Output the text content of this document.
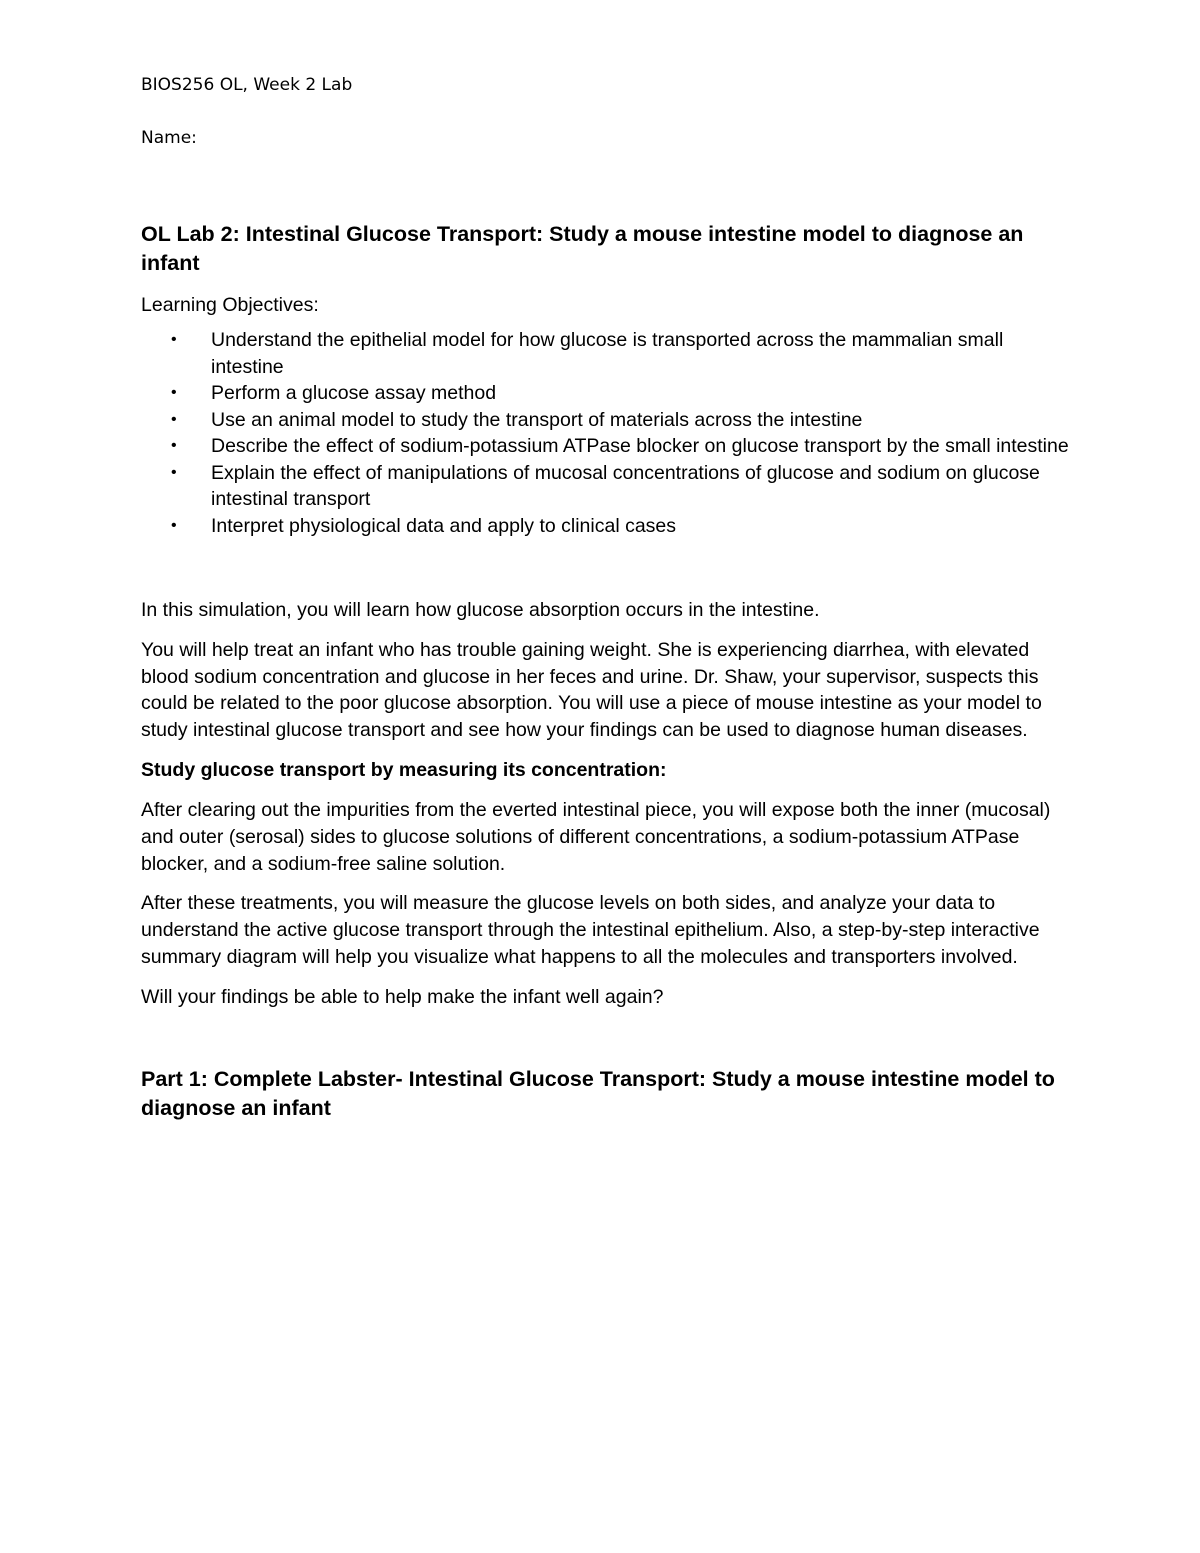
BIOS256 OL, Week 2 Lab
Name:
OL Lab 2: Intestinal Glucose Transport: Study a mouse intestine model to diagnose an infant
Learning Objectives:
• Understand the epithelial model for how glucose is transported across the mammalian small intestine
• Perform a glucose assay method
• Use an animal model to study the transport of materials across the intestine
• Describe the effect of sodium-potassium ATPase blocker on glucose transport by the small intestine
• Explain the effect of manipulations of mucosal concentrations of glucose and sodium on glucose intestinal transport
• Interpret physiological data and apply to clinical cases

In this simulation, you will learn how glucose absorption occurs in the intestine.

You will help treat an infant who has trouble gaining weight. She is experiencing diarrhea, with elevated blood sodium concentration and glucose in her feces and urine. Dr. Shaw, your supervisor, suspects this could be related to the poor glucose absorption. You will use a piece of mouse intestine as your model to study intestinal glucose transport and see how your findings can be used to diagnose human diseases.

Study glucose transport by measuring its concentration:

After clearing out the impurities from the everted intestinal piece, you will expose both the inner (mucosal) and outer (serosal) sides to glucose solutions of different concentrations, a sodium-potassium ATPase blocker, and a sodium-free saline solution.

After these treatments, you will measure the glucose levels on both sides, and analyze your data to understand the active glucose transport through the intestinal epithelium. Also, a step-by-step interactive summary diagram will help you visualize what happens to all the molecules and transporters involved.

Will your findings be able to help make the infant well again?

Part 1: Complete Labster- Intestinal Glucose Transport: Study a mouse intestine model to diagnose an infant
